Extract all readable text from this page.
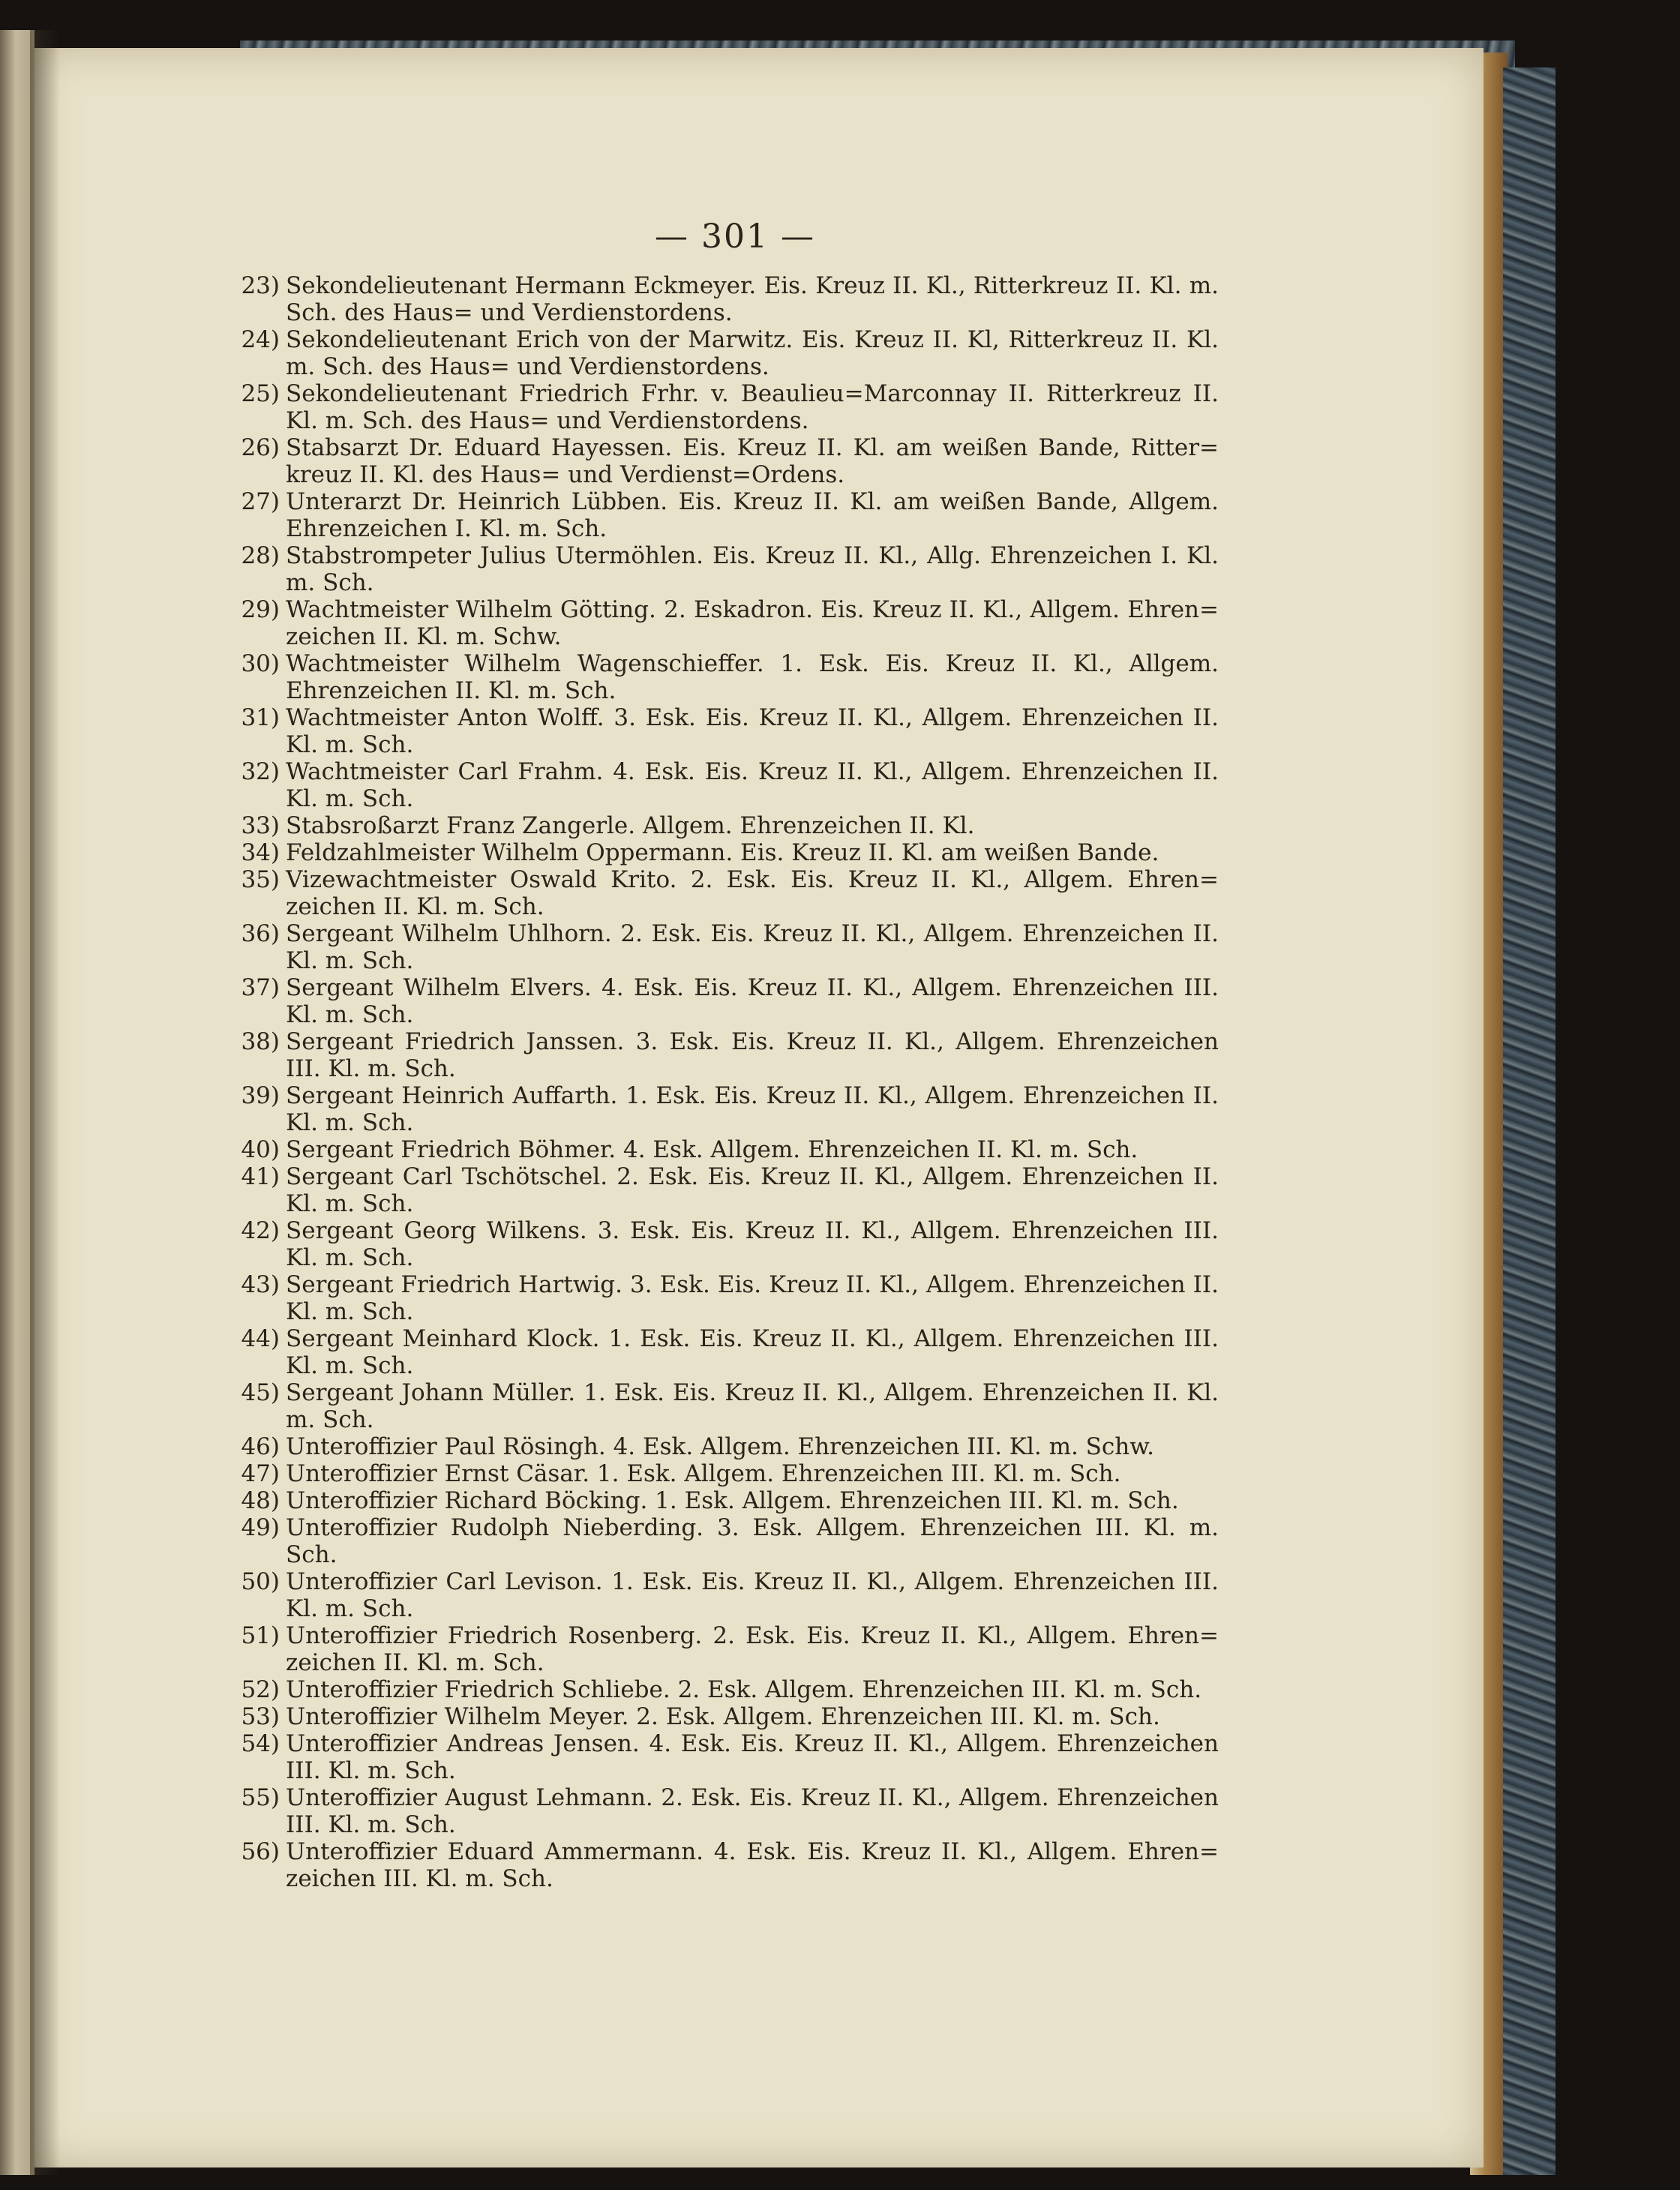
— 301 —
23) Sekondelieutenant Hermann Eckmeyer. Eis. Kreuz II. Kl., Ritterkreuz II. Kl. m. Sch. des Haus= und Verdienstordens.
24) Sekondelieutenant Erich von der Marwitz. Eis. Kreuz II. Kl, Ritterkreuz II. Kl. m. Sch. des Haus= und Verdienstordens.
25) Sekondelieutenant Friedrich Frhr. v. Beaulieu=Marconnay II. Ritterkreuz II. Kl. m. Sch. des Haus= und Verdienstordens.
26) Stabsarzt Dr. Eduard Hayessen. Eis. Kreuz II. Kl. am weißen Bande, Ritter= kreuz II. Kl. des Haus= und Verdienst=Ordens.
27) Unterarzt Dr. Heinrich Lübben. Eis. Kreuz II. Kl. am weißen Bande, Allgem. Ehrenzeichen I. Kl. m. Sch.
28) Stabstrompeter Julius Utermöhlen. Eis. Kreuz II. Kl., Allg. Ehrenzeichen I. Kl. m. Sch.
29) Wachtmeister Wilhelm Götting. 2. Eskadron. Eis. Kreuz II. Kl., Allgem. Ehren= zeichen II. Kl. m. Schw.
30) Wachtmeister Wilhelm Wagenschieffer. 1. Esk. Eis. Kreuz II. Kl., Allgem. Ehrenzeichen II. Kl. m. Sch.
31) Wachtmeister Anton Wolff. 3. Esk. Eis. Kreuz II. Kl., Allgem. Ehrenzeichen II. Kl. m. Sch.
32) Wachtmeister Carl Frahm. 4. Esk. Eis. Kreuz II. Kl., Allgem. Ehrenzeichen II. Kl. m. Sch.
33) Stabsroßarzt Franz Zangerle. Allgem. Ehrenzeichen II. Kl.
34) Feldzahlmeister Wilhelm Oppermann. Eis. Kreuz II. Kl. am weißen Bande.
35) Vizewachtmeister Oswald Krito. 2. Esk. Eis. Kreuz II. Kl., Allgem. Ehren= zeichen II. Kl. m. Sch.
36) Sergeant Wilhelm Uhlhorn. 2. Esk. Eis. Kreuz II. Kl., Allgem. Ehrenzeichen II. Kl. m. Sch.
37) Sergeant Wilhelm Elvers. 4. Esk. Eis. Kreuz II. Kl., Allgem. Ehrenzeichen III. Kl. m. Sch.
38) Sergeant Friedrich Janssen. 3. Esk. Eis. Kreuz II. Kl., Allgem. Ehrenzeichen III. Kl. m. Sch.
39) Sergeant Heinrich Auffarth. 1. Esk. Eis. Kreuz II. Kl., Allgem. Ehrenzeichen II. Kl. m. Sch.
40) Sergeant Friedrich Böhmer. 4. Esk. Allgem. Ehrenzeichen II. Kl. m. Sch.
41) Sergeant Carl Tschötschel. 2. Esk. Eis. Kreuz II. Kl., Allgem. Ehrenzeichen II. Kl. m. Sch.
42) Sergeant Georg Wilkens. 3. Esk. Eis. Kreuz II. Kl., Allgem. Ehrenzeichen III. Kl. m. Sch.
43) Sergeant Friedrich Hartwig. 3. Esk. Eis. Kreuz II. Kl., Allgem. Ehrenzeichen II. Kl. m. Sch.
44) Sergeant Meinhard Klock. 1. Esk. Eis. Kreuz II. Kl., Allgem. Ehrenzeichen III. Kl. m. Sch.
45) Sergeant Johann Müller. 1. Esk. Eis. Kreuz II. Kl., Allgem. Ehrenzeichen II. Kl. m. Sch.
46) Unteroffizier Paul Rösingh. 4. Esk. Allgem. Ehrenzeichen III. Kl. m. Schw.
47) Unteroffizier Ernst Cäsar. 1. Esk. Allgem. Ehrenzeichen III. Kl. m. Sch.
48) Unteroffizier Richard Böcking. 1. Esk. Allgem. Ehrenzeichen III. Kl. m. Sch.
49) Unteroffizier Rudolph Nieberding. 3. Esk. Allgem. Ehrenzeichen III. Kl. m. Sch.
50) Unteroffizier Carl Levison. 1. Esk. Eis. Kreuz II. Kl., Allgem. Ehrenzeichen III. Kl. m. Sch.
51) Unteroffizier Friedrich Rosenberg. 2. Esk. Eis. Kreuz II. Kl., Allgem. Ehren= zeichen II. Kl. m. Sch.
52) Unteroffizier Friedrich Schliebe. 2. Esk. Allgem. Ehrenzeichen III. Kl. m. Sch.
53) Unteroffizier Wilhelm Meyer. 2. Esk. Allgem. Ehrenzeichen III. Kl. m. Sch.
54) Unteroffizier Andreas Jensen. 4. Esk. Eis. Kreuz II. Kl., Allgem. Ehrenzeichen III. Kl. m. Sch.
55) Unteroffizier August Lehmann. 2. Esk. Eis. Kreuz II. Kl., Allgem. Ehrenzeichen III. Kl. m. Sch.
56) Unteroffizier Eduard Ammermann. 4. Esk. Eis. Kreuz II. Kl., Allgem. Ehren= zeichen III. Kl. m. Sch.
